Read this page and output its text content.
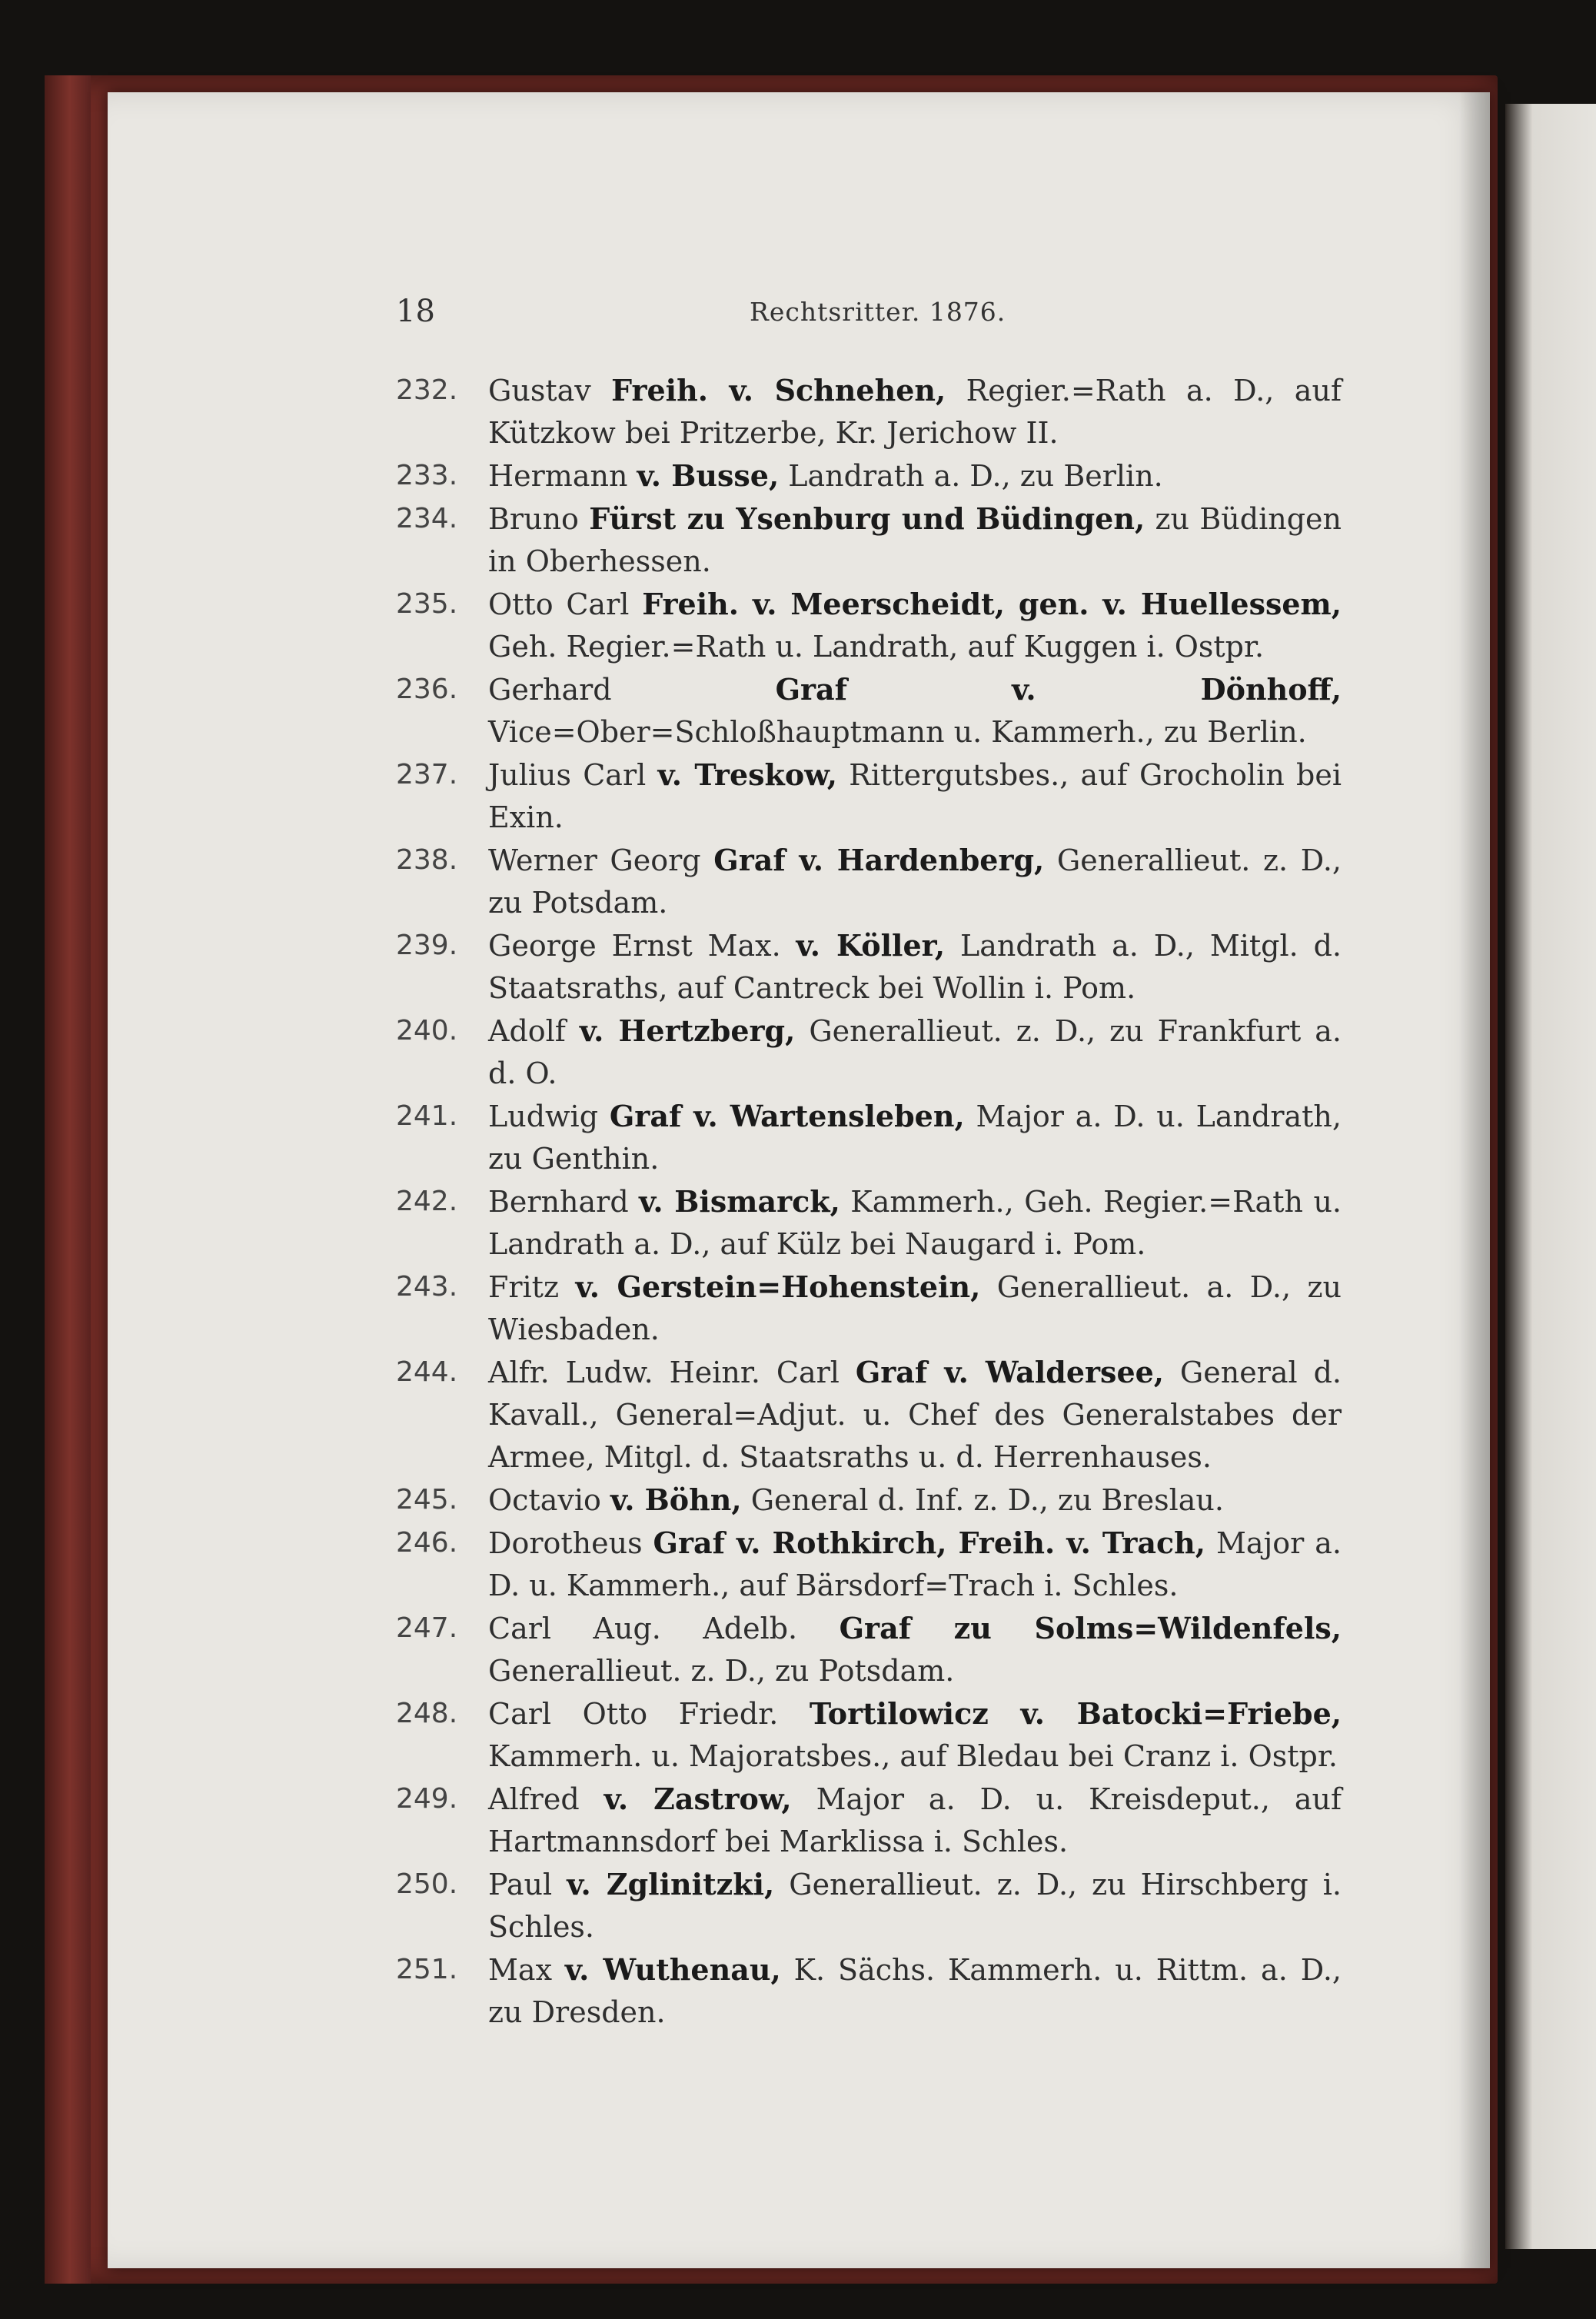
18	Rechtsritter. 1876.
232.	Gustav Freih. v. Schnehen, Regier.=Rath a. D., auf Kützkow bei Pritzerbe, Kr. Jerichow II.
233.	Hermann v. Busse, Landrath a. D., zu Berlin.
234.	Bruno Fürst zu Ysenburg und Büdingen, zu Büdingen in Oberhessen.
235.	Otto Carl Freih. v. Meerscheidt, gen. v. Huellessem, Geh. Regier.=Rath u. Landrath, auf Kuggen i. Ostpr.
236.	Gerhard Graf v. Dönhoff, Vice=Ober=Schloßhauptmann u. Kammerh., zu Berlin.
237.	Julius Carl v. Treskow, Rittergutsbes., auf Grocholin bei Exin.
238.	Werner Georg Graf v. Hardenberg, Generallieut. z. D., zu Potsdam.
239.	George Ernst Max. v. Köller, Landrath a. D., Mitgl. d. Staatsraths, auf Cantreck bei Wollin i. Pom.
240.	Adolf v. Hertzberg, Generallieut. z. D., zu Frankfurt a. d. O.
241.	Ludwig Graf v. Wartensleben, Major a. D. u. Landrath, zu Genthin.
242.	Bernhard v. Bismarck, Kammerh., Geh. Regier.=Rath u. Landrath a. D., auf Külz bei Naugard i. Pom.
243.	Fritz v. Gerstein=Hohenstein, Generallieut. a. D., zu Wiesbaden.
244.	Alfr. Ludw. Heinr. Carl Graf v. Waldersee, General d. Kavall., General=Adjut. u. Chef des Generalstabes der Armee, Mitgl. d. Staatsraths u. d. Herrenhauses.
245.	Octavio v. Böhn, General d. Inf. z. D., zu Breslau.
246.	Dorotheus Graf v. Rothkirch, Freih. v. Trach, Major a. D. u. Kammerh., auf Bärsdorf=Trach i. Schles.
247.	Carl Aug. Adelb. Graf zu Solms=Wildenfels, Generallieut. z. D., zu Potsdam.
248.	Carl Otto Friedr. Tortilowicz v. Batocki=Friebe, Kammerh. u. Majoratsbes., auf Bledau bei Cranz i. Ostpr.
249.	Alfred v. Zastrow, Major a. D. u. Kreisdeput., auf Hartmannsdorf bei Marklissa i. Schles.
250.	Paul v. Zglinitzki, Generallieut. z. D., zu Hirschberg i. Schles.
251.	Max v. Wuthenau, K. Sächs. Kammerh. u. Rittm. a. D., zu Dresden.
